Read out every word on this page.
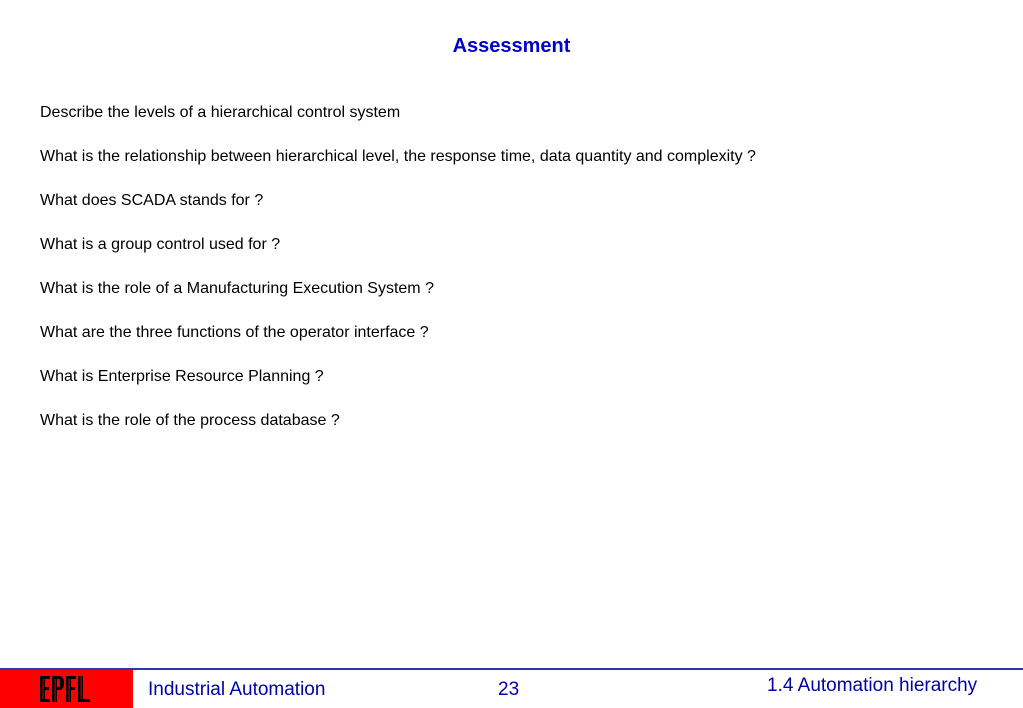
Assessment
Describe the levels of a hierarchical control system
What is the relationship between hierarchical level, the response time, data quantity and complexity ?
What does SCADA stands for ?
What is a group control used for ?
What is the role of a Manufacturing Execution System ?
What are the three functions of the operator interface ?
What is Enterprise Resource Planning ?
What is the role of the process database ?
Industrial Automation	23	1.4 Automation hierarchy
